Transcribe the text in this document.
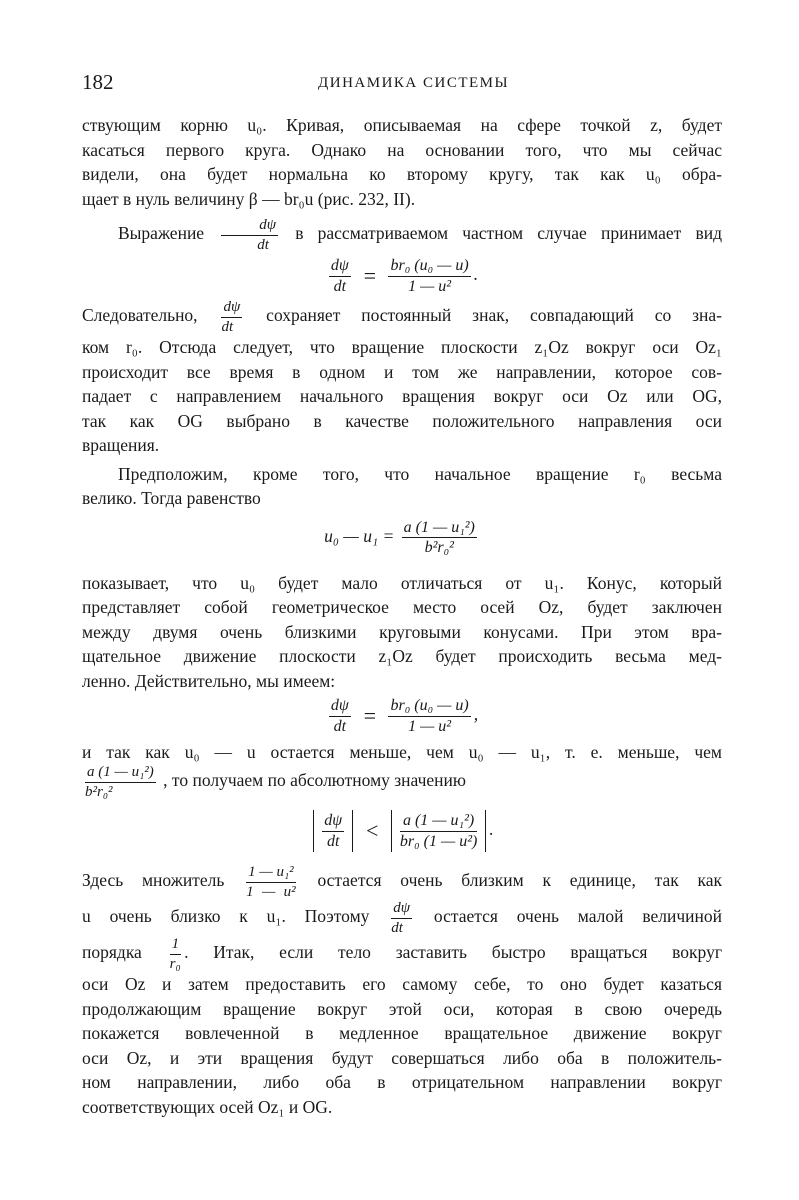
182	ДИНАМИКА СИСТЕМЫ

ствующим корню u₀. Кривая, описываемая на сфере точкой z, будет

касаться первого круга. Однако на основании того, что мы сейчас

видели, она будет нормальна ко второму кругу, так как u₀ обра-

щает в нуль величину β — br₀u (рис. 232, II).

Выражение $\frac{d\psi}{dt}$ в рассматриваемом частном случае принимает вид

$\frac{d\psi}{dt} = \frac{\text{br₀ (u₀ — u)}}{\text{1 — u²}}$ .

Следовательно, $\frac{d\psi}{dt}$ сохраняет постоянный знак, совпадающий со зна-

ком r₀. Отсюда следует, что вращение плоскости z₁Oz вокруг оси Oz₁

происходит все время в одном и том же направлении, которое сов-

падает с направлением начального вращения вокруг оси Oz или OG,

так как OG выбрано в качестве положительного направления оси

вращения.

Предположим, кроме того, что начальное вращение r₀ весьма

велико. Тогда равенство

u₀ — $u_1 = \frac{\text{a (1 — u₁²)}}{\text{b²r₀²}}$

показывает, что u₀ будет мало отличаться от u₁. Конус, который

представляет собой геометрическое место осей Oz, будет заключен

между двумя очень близкими круговыми конусами. При этом вра-

щательное движение плоскости z₁Oz будет происходить весьма мед-

ленно. Действительно, мы имеем:

$\frac{d\psi}{dt} = \frac{\text{br₀ (u₀ — u)}}{\text{1 — u²}}$ ,

и так как u₀ — u остается меньше, чем u₀ — u₁, т. е. меньше, чем

$\frac{\text{a (1 — u₁²)}}{\text{b²r₀²}}$ , то получаем по абсолютному значению

$\frac{d\psi}{dt} < \frac{\text{a (1 — u₁²)}}{\text{br₀ (1 — u²)}}$ .

Здесь множитель $\frac{\text{1 — u₁²}}{\text{1 — u²}}$ остается очень близким к единице, так как

u очень близко к u₁. Поэтому $\frac{d\psi}{dt}$ остается очень малой величиной

порядка $\frac{1}{\text{r₀}}$ . Итак, если тело заставить быстро вращаться вокруг

оси Oz и затем предоставить его самому себе, то оно будет казаться

продолжающим вращение вокруг этой оси, которая в свою очередь

покажется вовлеченной в медленное вращательное движение вокруг

оси Oz, и эти вращения будут совершаться либо оба в положитель-

ном направлении, либо оба в отрицательном направлении вокруг

соответствующих осей Oz₁ и OG.
